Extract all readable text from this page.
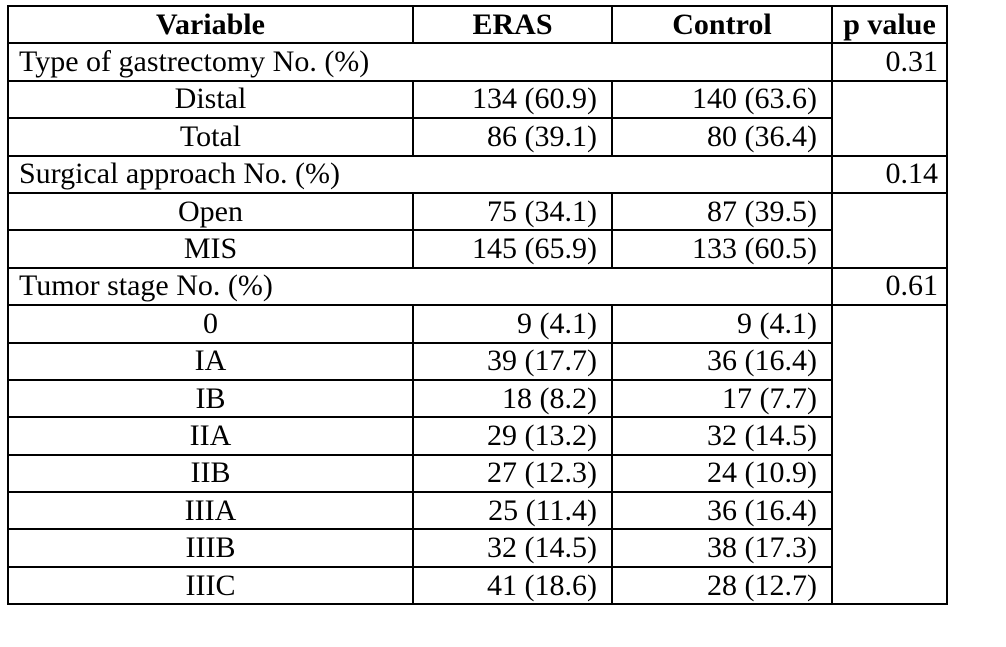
Variable	ERAS	Control	p value
Type of gastrectomy No. (%)			0.31
Distal	134 (60.9)	140 (63.6)	
Total	86 (39.1)	80 (36.4)	
Surgical approach No. (%)			0.14
Open	75 (34.1)	87 (39.5)	
MIS	145 (65.9)	133 (60.5)	
Tumor stage No. (%)			0.61
0	9 (4.1)	9 (4.1)	
IA	39 (17.7)	36 (16.4)	
IB	18 (8.2)	17 (7.7)	
IIA	29 (13.2)	32 (14.5)	
IIB	27 (12.3)	24 (10.9)	
IIIA	25 (11.4)	36 (16.4)	
IIIB	32 (14.5)	38 (17.3)	
IIIC	41 (18.6)	28 (12.7)	
